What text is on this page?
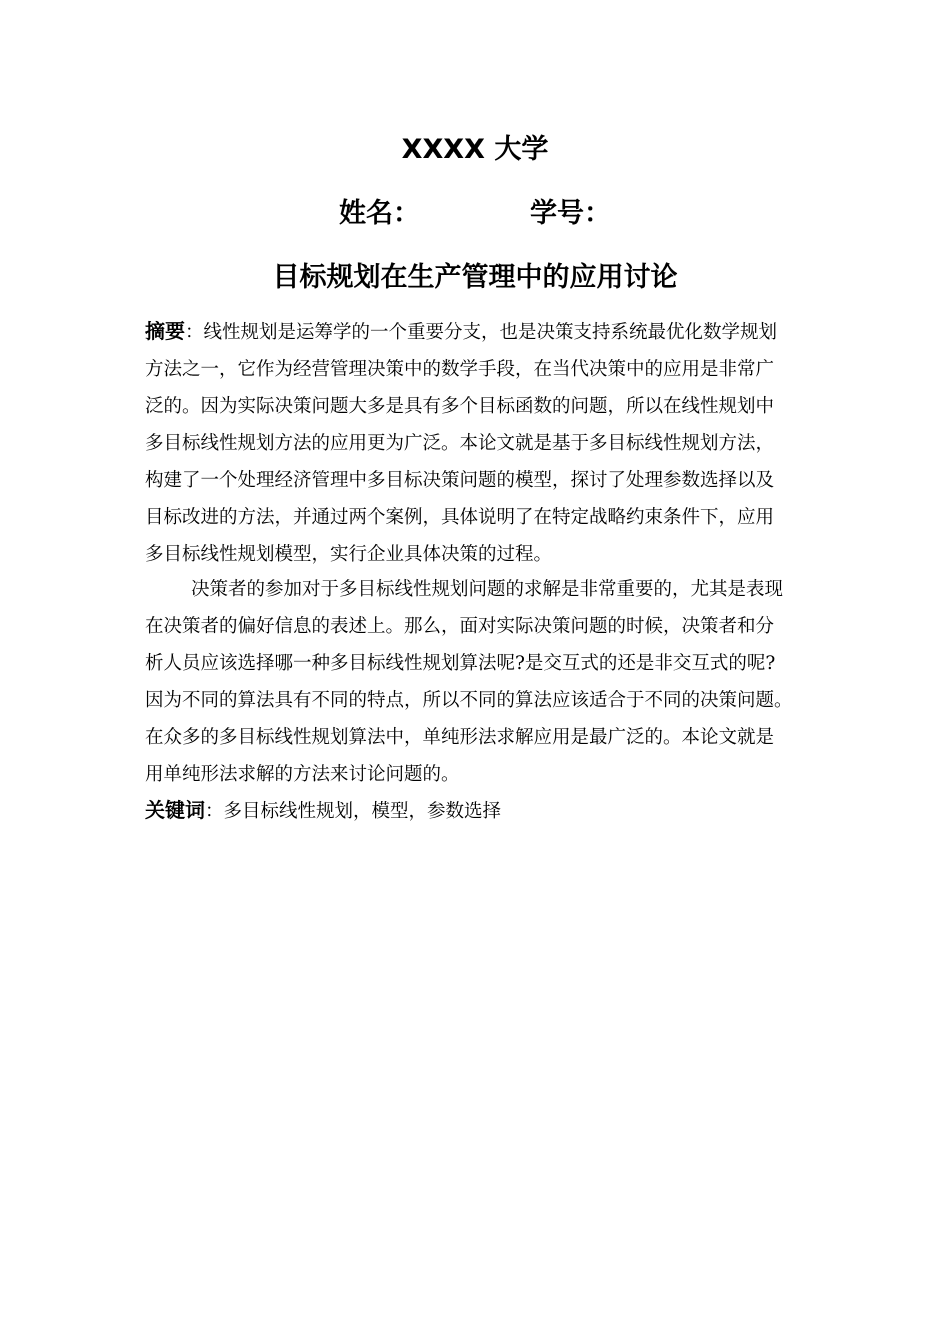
XXXX 大学
姓名：	学号：
目标规划在生产管理中的应用讨论
摘要：线性规划是运筹学的一个重要分支，也是决策支持系统最优化数学规划
方法之一，它作为经营管理决策中的数学手段，在当代决策中的应用是非常广
泛的。因为实际决策问题大多是具有多个目标函数的问题，所以在线性规划中
多目标线性规划方法的应用更为广泛。本论文就是基于多目标线性规划方法，
构建了一个处理经济管理中多目标决策问题的模型，探讨了处理参数选择以及
目标改进的方法，并通过两个案例，具体说明了在特定战略约束条件下，应用
多目标线性规划模型，实行企业具体决策的过程。
决策者的参加对于多目标线性规划问题的求解是非常重要的，尤其是表现
在决策者的偏好信息的表述上。那么，面对实际决策问题的时候，决策者和分
析人员应该选择哪一种多目标线性规划算法呢?是交互式的还是非交互式的呢?
因为不同的算法具有不同的特点，所以不同的算法应该适合于不同的决策问题。
在众多的多目标线性规划算法中，单纯形法求解应用是最广泛的。本论文就是
用单纯形法求解的方法来讨论问题的。
关键词：多目标线性规划，模型，参数选择
